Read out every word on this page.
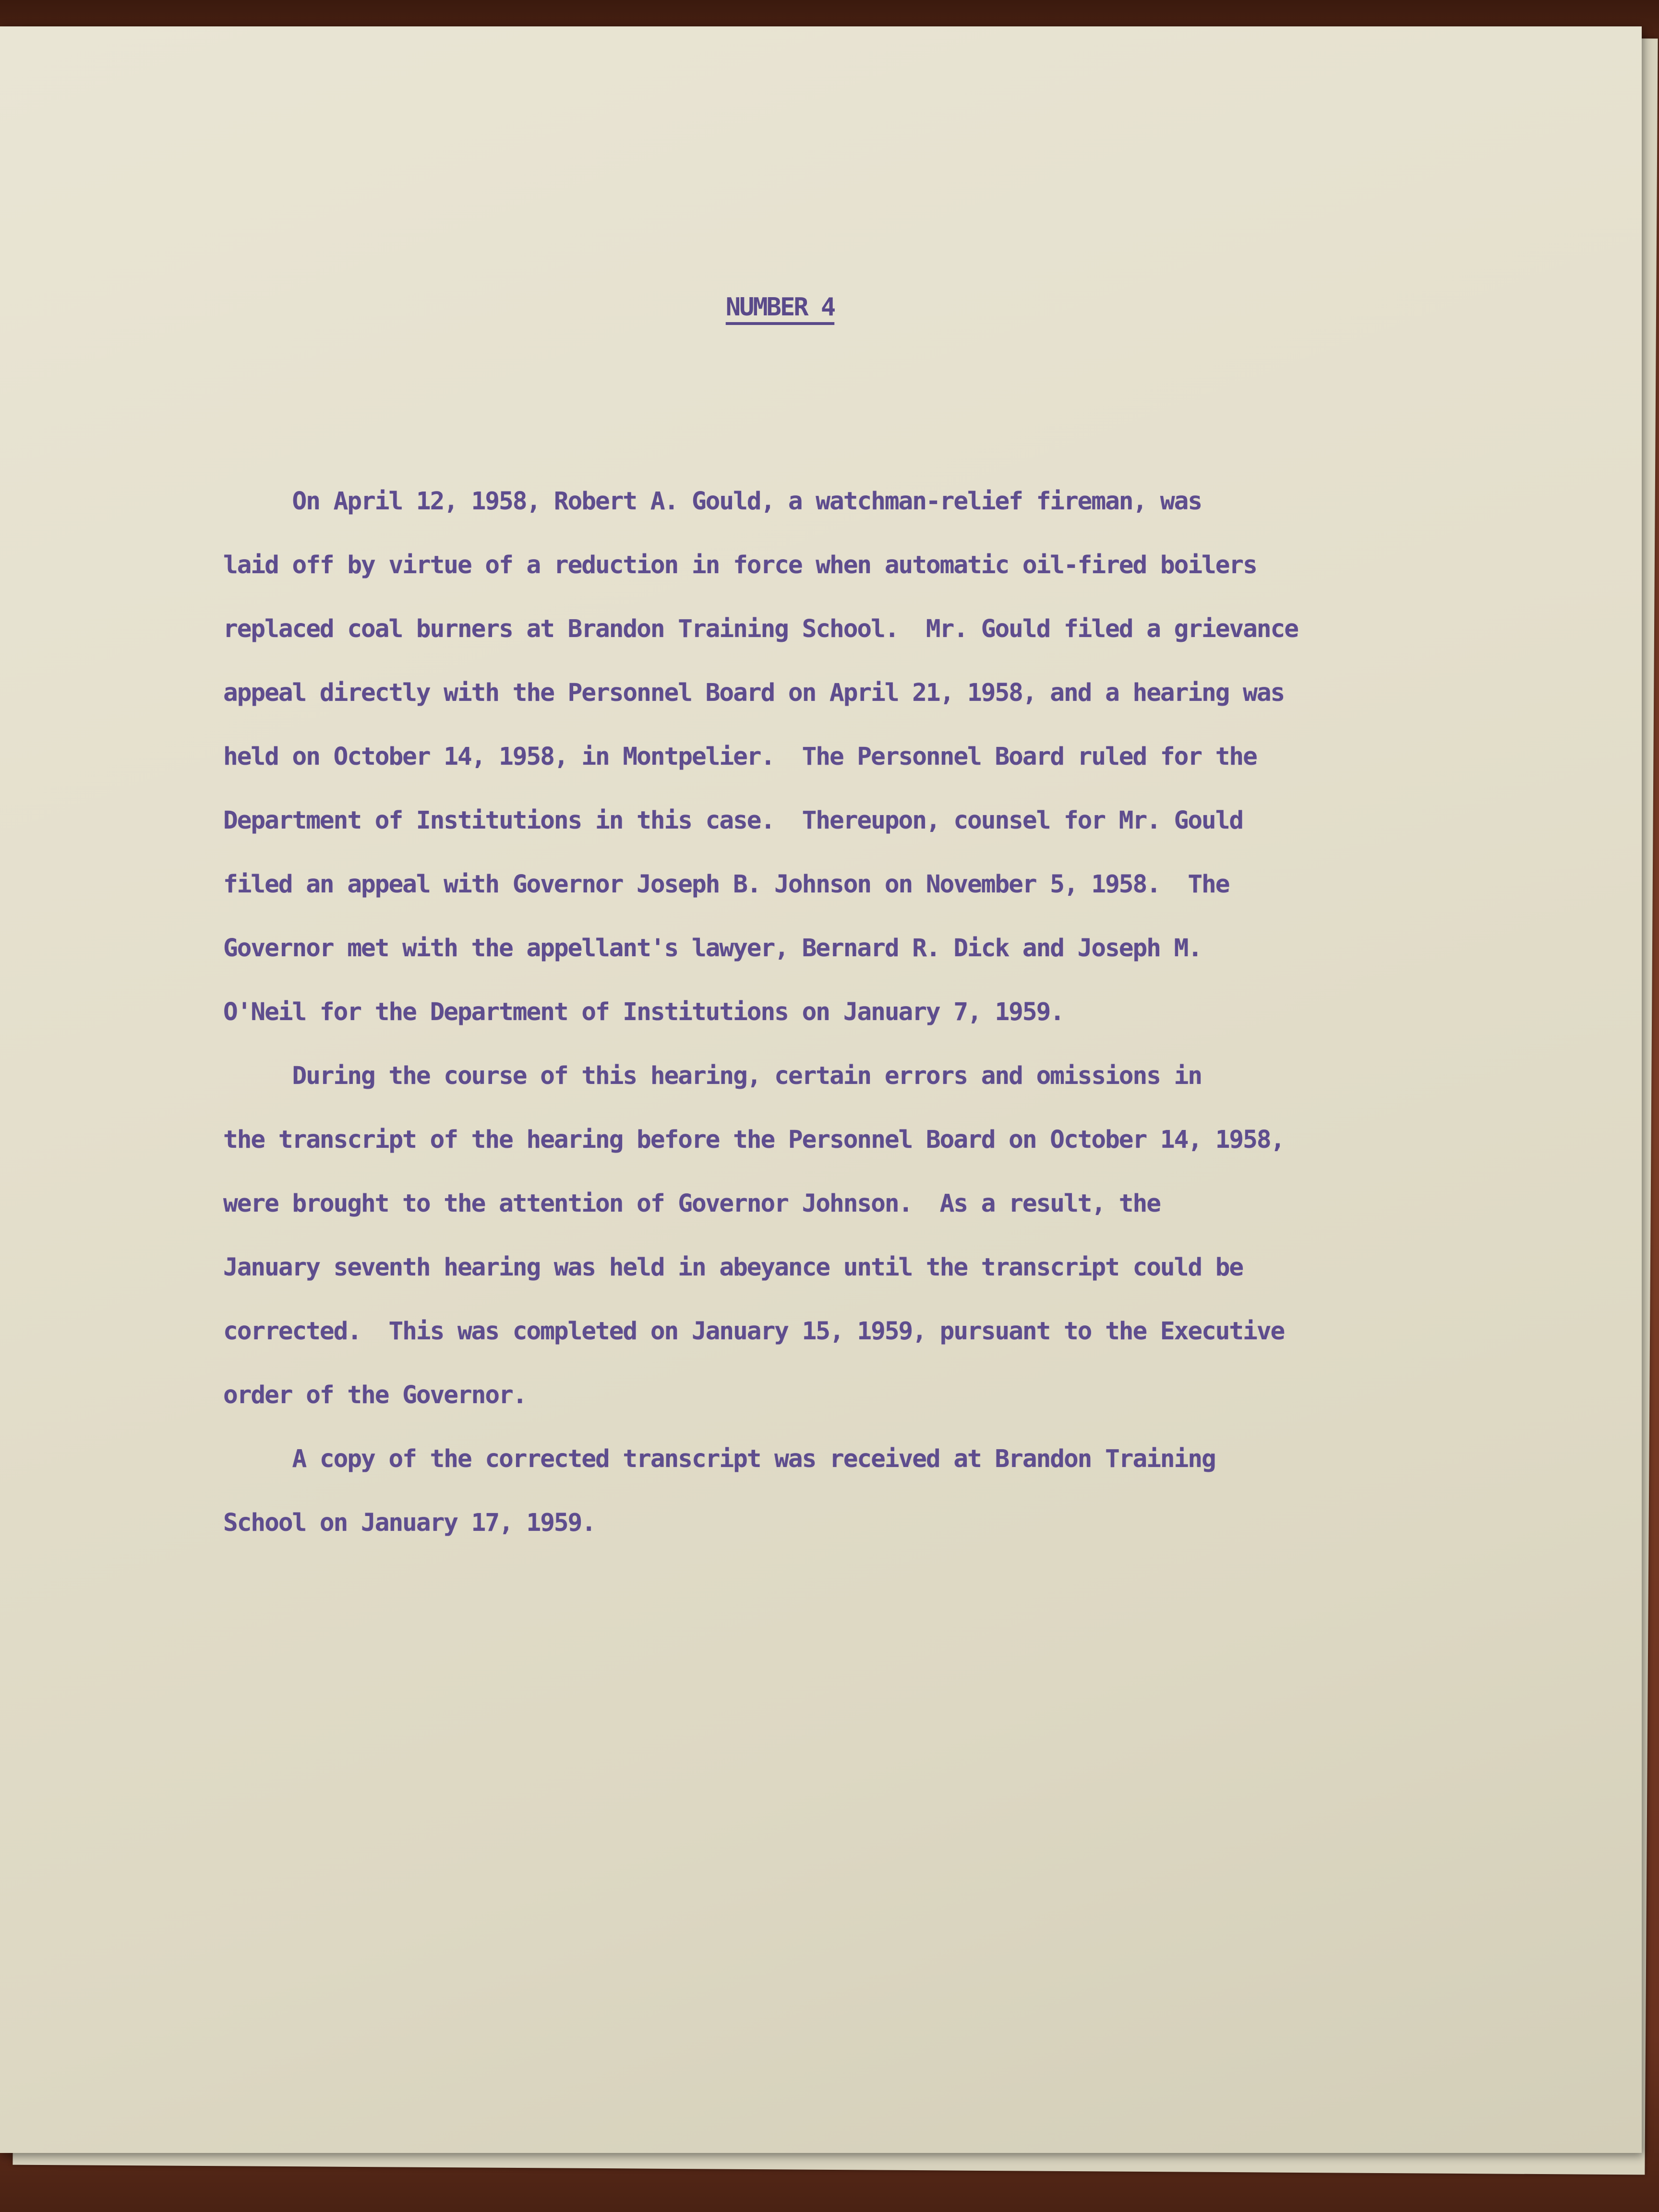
NUMBER 4
On April 12, 1958, Robert A. Gould, a watchman-relief fireman, was
laid off by virtue of a reduction in force when automatic oil-fired boilers
replaced coal burners at Brandon Training School.  Mr. Gould filed a grievance
appeal directly with the Personnel Board on April 21, 1958, and a hearing was
held on October 14, 1958, in Montpelier.  The Personnel Board ruled for the
Department of Institutions in this case.  Thereupon, counsel for Mr. Gould
filed an appeal with Governor Joseph B. Johnson on November 5, 1958.  The
Governor met with the appellant's lawyer, Bernard R. Dick and Joseph M.
O'Neil for the Department of Institutions on January 7, 1959.
During the course of this hearing, certain errors and omissions in
the transcript of the hearing before the Personnel Board on October 14, 1958,
were brought to the attention of Governor Johnson.  As a result, the
January seventh hearing was held in abeyance until the transcript could be
corrected.  This was completed on January 15, 1959, pursuant to the Executive
order of the Governor.
A copy of the corrected transcript was received at Brandon Training
School on January 17, 1959.
